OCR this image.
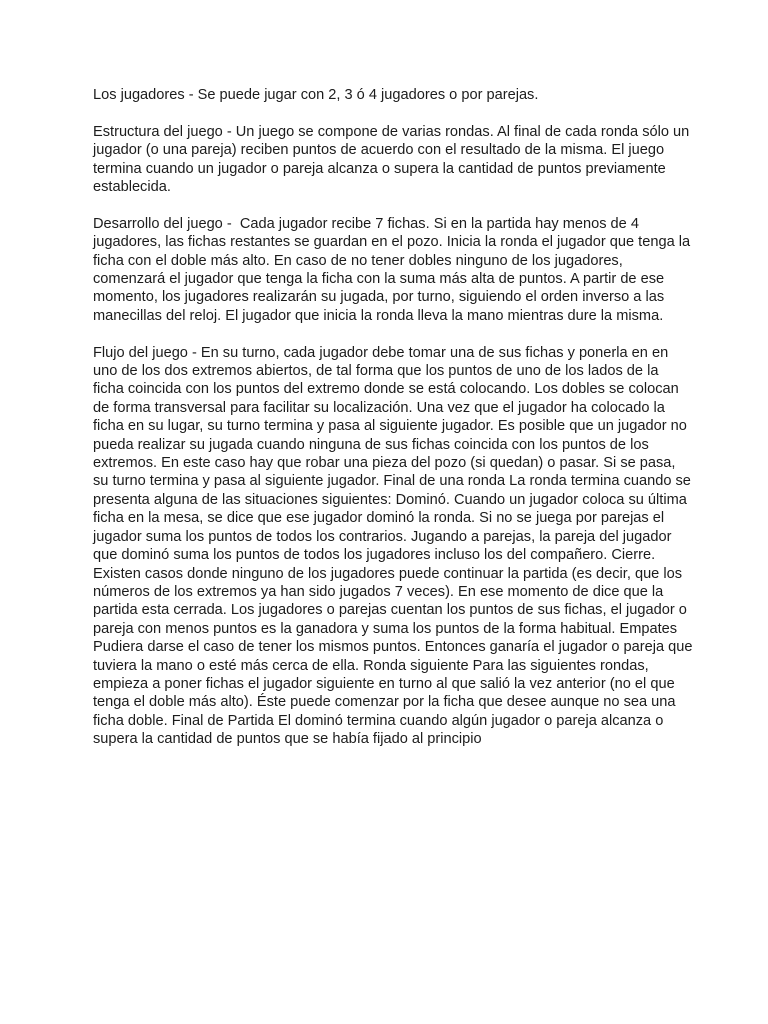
Los jugadores - Se puede jugar con 2, 3 ó 4 jugadores o por parejas.

Estructura del juego - Un juego se compone de varias rondas. Al final de cada ronda sólo un jugador (o una pareja) reciben puntos de acuerdo con el resultado de la misma. El juego termina cuando un jugador o pareja alcanza o supera la cantidad de puntos previamente establecida.

Desarrollo del juego -  Cada jugador recibe 7 fichas. Si en la partida hay menos de 4 jugadores, las fichas restantes se guardan en el pozo. Inicia la ronda el jugador que tenga la ficha con el doble más alto. En caso de no tener dobles ninguno de los jugadores, comenzará el jugador que tenga la ficha con la suma más alta de puntos. A partir de ese momento, los jugadores realizarán su jugada, por turno, siguiendo el orden inverso a las manecillas del reloj. El jugador que inicia la ronda lleva la mano mientras dure la misma.

Flujo del juego - En su turno, cada jugador debe tomar una de sus fichas y ponerla en en uno de los dos extremos abiertos, de tal forma que los puntos de uno de los lados de la ficha coincida con los puntos del extremo donde se está colocando. Los dobles se colocan de forma transversal para facilitar su localización. Una vez que el jugador ha colocado la ficha en su lugar, su turno termina y pasa al siguiente jugador. Es posible que un jugador no pueda realizar su jugada cuando ninguna de sus fichas coincida con los puntos de los extremos. En este caso hay que robar una pieza del pozo (si quedan) o pasar. Si se pasa, su turno termina y pasa al siguiente jugador. Final de una ronda La ronda termina cuando se presenta alguna de las situaciones siguientes: Dominó. Cuando un jugador coloca su última ficha en la mesa, se dice que ese jugador dominó la ronda. Si no se juega por parejas el jugador suma los puntos de todos los contrarios. Jugando a parejas, la pareja del jugador que dominó suma los puntos de todos los jugadores incluso los del compañero. Cierre. Existen casos donde ninguno de los jugadores puede continuar la partida (es decir, que los números de los extremos ya han sido jugados 7 veces). En ese momento de dice que la partida esta cerrada. Los jugadores o parejas cuentan los puntos de sus fichas, el jugador o pareja con menos puntos es la ganadora y suma los puntos de la forma habitual. Empates Pudiera darse el caso de tener los mismos puntos. Entonces ganaría el jugador o pareja que tuviera la mano o esté más cerca de ella. Ronda siguiente Para las siguientes rondas, empieza a poner fichas el jugador siguiente en turno al que salió la vez anterior (no el que tenga el doble más alto). Éste puede comenzar por la ficha que desee aunque no sea una ficha doble. Final de Partida El dominó termina cuando algún jugador o pareja alcanza o supera la cantidad de puntos que se había fijado al principio
